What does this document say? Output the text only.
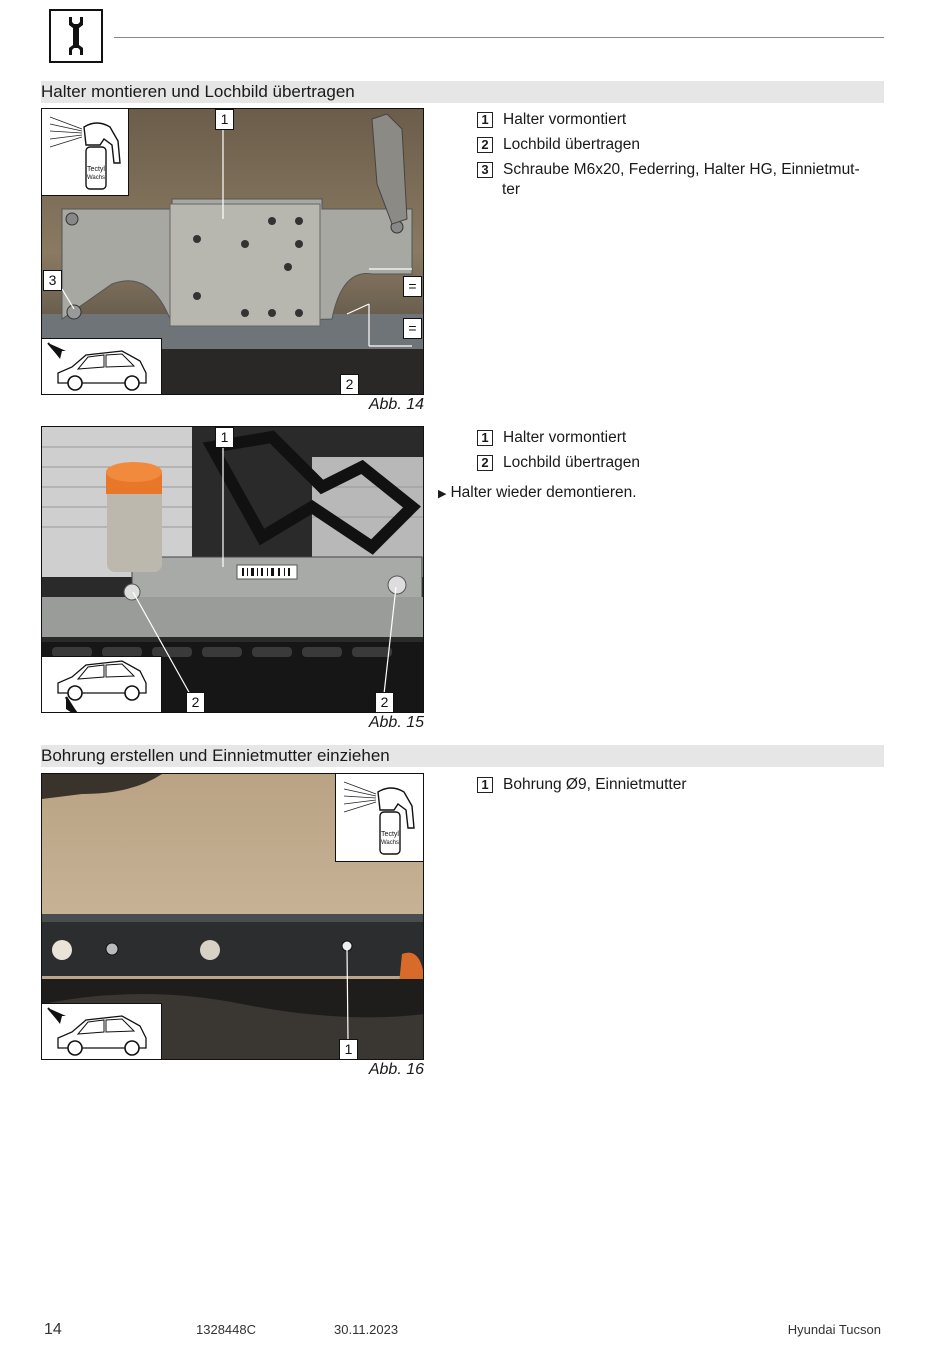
Halter montieren und Lochbild übertragen
Tectyl
Wachs
1
2
3	=
=
Abb. 14
1 Halter vormontiert
2 Lochbild übertragen
3 Schraube M6x20, Federring, Halter HG, Einnietmut-
ter
1
2	2
Abb. 15
1 Halter vormontiert
2 Lochbild übertragen
▶ Halter wieder demontieren.
Bohrung erstellen und Einnietmutter einziehen
Tectyl
Wachs
1
Abb. 16
1 Bohrung Ø9, Einnietmutter
14	1328448C	30.11.2023	Hyundai Tucson
